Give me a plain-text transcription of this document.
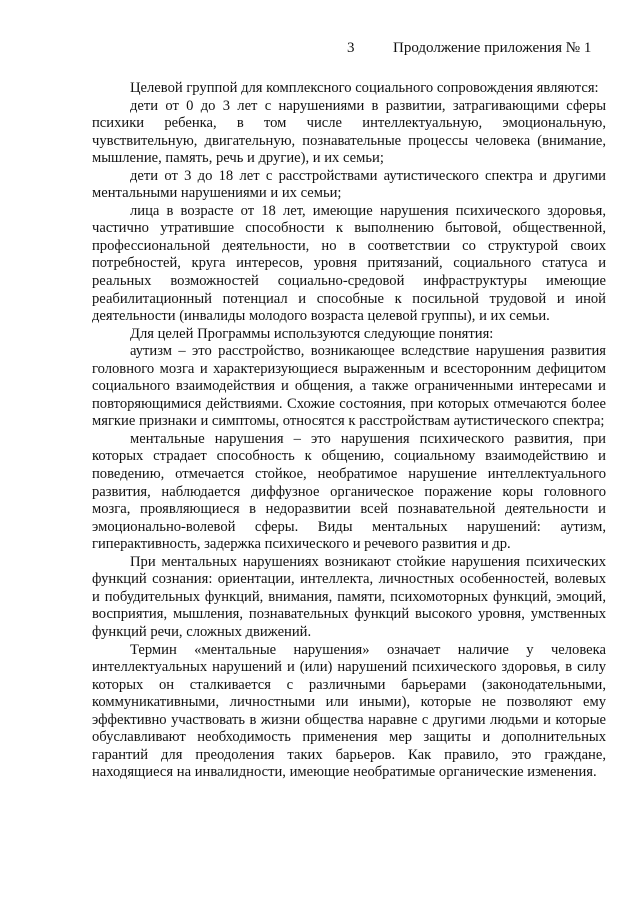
3	Продолжение приложения № 1

Целевой группой для комплексного социального сопровождения являются:

дети от 0 до 3 лет с нарушениями в развитии, затрагивающими сферы психики ребенка, в том числе интеллектуальную, эмоциональную, чувствительную, двигательную, познавательные процессы человека (внимание, мышление, память, речь и другие), и их семьи;

дети от 3 до 18 лет с расстройствами аутистического спектра и другими ментальными нарушениями и их семьи;

лица в возрасте от 18 лет, имеющие нарушения психического здоровья, частично утратившие способности к выполнению бытовой, общественной, профессиональной деятельности, но в соответствии со структурой своих потребностей, круга интересов, уровня притязаний, социального статуса и реальных возможностей социально-средовой инфраструктуры имеющие реабилитационный потенциал и способные к посильной трудовой и иной деятельности (инвалиды молодого возраста целевой группы), и их семьи.

Для целей Программы используются следующие понятия:

аутизм – это расстройство, возникающее вследствие нарушения развития головного мозга и характеризующиеся выраженным и всесторонним дефицитом социального взаимодействия и общения, а также ограниченными интересами и повторяющимися действиями. Схожие состояния, при которых отмечаются более мягкие признаки и симптомы, относятся к расстройствам аутистического спектра;

ментальные нарушения – это нарушения психического развития, при которых страдает способность к общению, социальному взаимодействию и поведению, отмечается стойкое, необратимое нарушение интеллектуального развития, наблюдается диффузное органическое поражение коры головного мозга, проявляющиеся в недоразвитии всей познавательной деятельности и эмоционально-волевой сферы. Виды ментальных нарушений: аутизм, гиперактивность, задержка психического и речевого развития и др.

При ментальных нарушениях возникают стойкие нарушения психических функций сознания: ориентации, интеллекта, личностных особенностей, волевых и побудительных функций, внимания, памяти, психомоторных функций, эмоций, восприятия, мышления, познавательных функций высокого уровня, умственных функций речи, сложных движений.

Термин «ментальные нарушения» означает наличие у человека интеллектуальных нарушений и (или) нарушений психического здоровья, в силу которых он сталкивается с различными барьерами (законодательными, коммуникативными, личностными или иными), которые не позволяют ему эффективно участвовать в жизни общества наравне с другими людьми и которые обуславливают необходимость применения мер защиты и дополнительных гарантий для преодоления таких барьеров. Как правило, это граждане, находящиеся на инвалидности, имеющие необратимые органические изменения.
